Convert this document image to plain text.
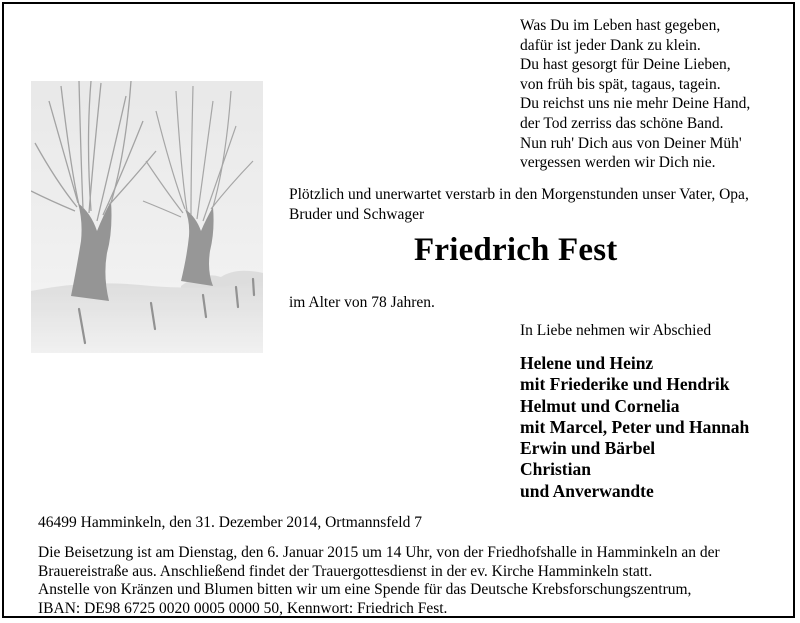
Was Du im Leben hast gegeben,
dafür ist jeder Dank zu klein.
Du hast gesorgt für Deine Lieben,
von früh bis spät, tagaus, tagein.
Du reichst uns nie mehr Deine Hand,
der Tod zerriss das schöne Band.
Nun ruh' Dich aus von Deiner Müh'
vergessen werden wir Dich nie.
Plötzlich und unerwartet verstarb in den Morgenstunden unser Vater, Opa, Bruder und Schwager
Friedrich Fest
im Alter von 78 Jahren.
In Liebe nehmen wir Abschied
Helene und Heinz
mit Friederike und Hendrik
Helmut und Cornelia
mit Marcel, Peter und Hannah
Erwin und Bärbel
Christian
und Anverwandte
46499 Hamminkeln, den 31. Dezember 2014, Ortmannsfeld 7
Die Beisetzung ist am Dienstag, den 6. Januar 2015 um 14 Uhr, von der Friedhofshalle in Hamminkeln an der
Brauereistraße aus. Anschließend findet der Trauergottesdienst in der ev. Kirche Hamminkeln statt.
Anstelle von Kränzen und Blumen bitten wir um eine Spende für das Deutsche Krebsforschungszentrum,
IBAN: DE98 6725 0020 0005 0000 50, Kennwort: Friedrich Fest.
